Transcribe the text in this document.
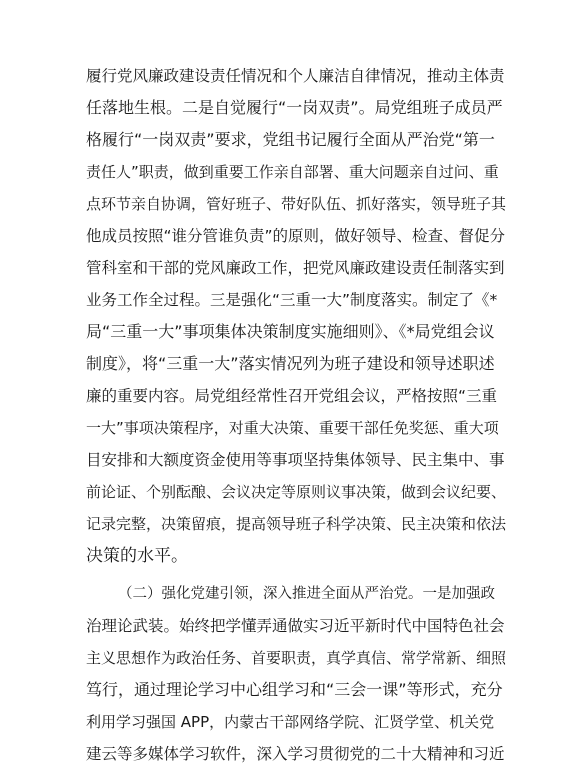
履行党风廉政建设责任情况和个人廉洁自律情况，推动主体责
任落地生根。二是自觉履行“一岗双责”。局党组班子成员严
格履行“一岗双责”要求，党组书记履行全面从严治党“第一
责任人”职责，做到重要工作亲自部署、重大问题亲自过问、重
点环节亲自协调，管好班子、带好队伍、抓好落实，领导班子其
他成员按照“谁分管谁负责”的原则，做好领导、检查、督促分
管科室和干部的党风廉政工作，把党风廉政建设责任制落实到
业务工作全过程。三是强化“三重一大”制度落实。制定了《*
局“三重一大”事项集体决策制度实施细则》、《*局党组会议
制度》，将“三重一大”落实情况列为班子建设和领导述职述
廉的重要内容。局党组经常性召开党组会议，严格按照“三重
一大”事项决策程序，对重大决策、重要干部任免奖惩、重大项
目安排和大额度资金使用等事项坚持集体领导、民主集中、事
前论证、个别酝酿、会议决定等原则议事决策，做到会议纪要、
记录完整，决策留痕，提高领导班子科学决策、民主决策和依法
决策的水平。
（二）强化党建引领，深入推进全面从严治党。一是加强政
治理论武装。始终把学懂弄通做实习近平新时代中国特色社会
主义思想作为政治任务、首要职责，真学真信、常学常新、细照
笃行，通过理论学习中心组学习和“三会一课”等形式，充分
利用学习强国 APP，内蒙古干部网络学院、汇贤学堂、机关党
建云等多媒体学习软件，深入学习贯彻党的二十大精神和习近
